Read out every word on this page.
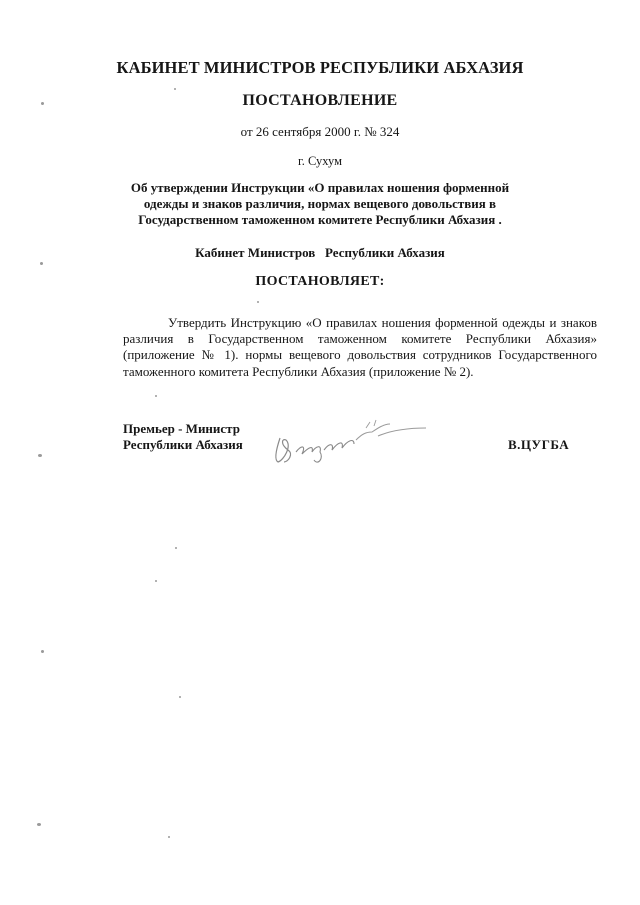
КАБИНЕТ МИНИСТРОВ РЕСПУБЛИКИ АБХАЗИЯ
ПОСТАНОВЛЕНИЕ
от 26 сентября 2000 г. № 324
г. Сухум
Об утверждении Инструкции «О правилах ношения форменной
одежды и знаков различия, нормах вещевого довольствия в
Государственном таможенном комитете Республики Абхазия .
Кабинет Министров   Республики Абхазия
ПОСТАНОВЛЯЕТ:
Утвердить Инструкцию «О правилах ношения форменной одежды и знаков различия в Государственном таможенном комитете Республики Абхазия» (приложение № 1). нормы вещевого довольствия сотрудников Государственного таможенного комитета Республики Абхазия (приложение № 2).
Премьер - Министр
Республики Абхазия	В.ЦУГБА
